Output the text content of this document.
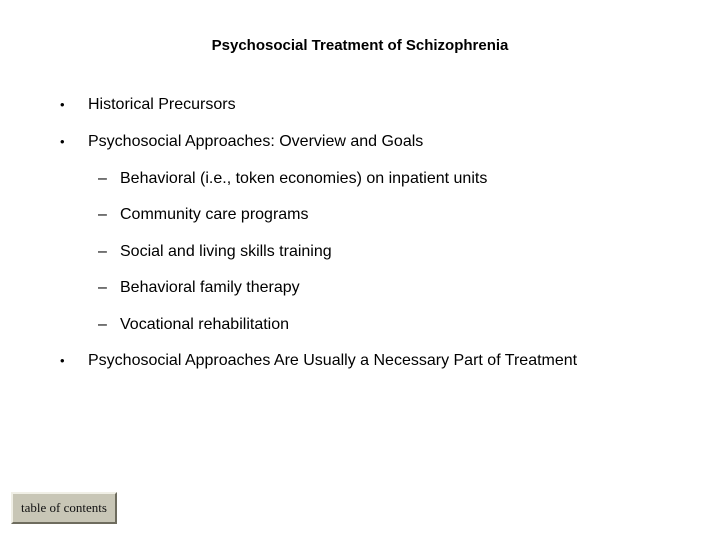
Psychosocial Treatment of Schizophrenia
• Historical Precursors
• Psychosocial Approaches: Overview and Goals
– Behavioral (i.e., token economies) on inpatient units
– Community care programs
– Social and living skills training
– Behavioral family therapy
– Vocational rehabilitation
• Psychosocial Approaches Are Usually a Necessary Part of Treatment
table of contents
